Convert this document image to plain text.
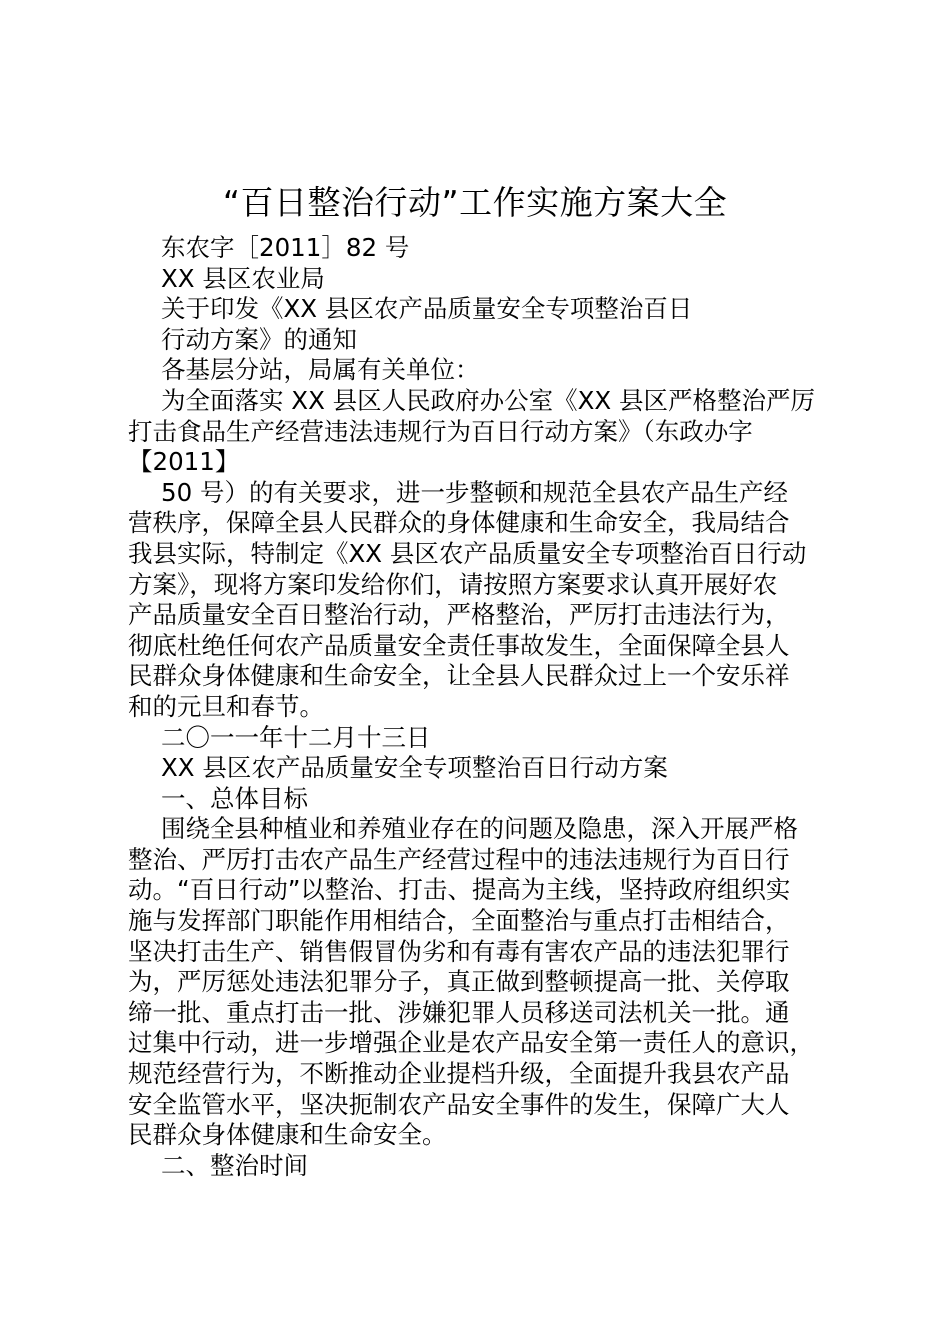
“百日整治行动”工作实施方案大全
东农字［2011］82 号
XX 县区农业局
关于印发《XX 县区农产品质量安全专项整治百日
行动方案》的通知
各基层分站，局属有关单位：
为全面落实 XX 县区人民政府办公室《XX 县区严格整治严厉
打击食品生产经营违法违规行为百日行动方案》（东政办字
【2011】
50 号）的有关要求，进一步整顿和规范全县农产品生产经
营秩序，保障全县人民群众的身体健康和生命安全，我局结合
我县实际，特制定《XX 县区农产品质量安全专项整治百日行动
方案》，现将方案印发给你们，请按照方案要求认真开展好农
产品质量安全百日整治行动，严格整治，严厉打击违法行为，
彻底杜绝任何农产品质量安全责任事故发生，全面保障全县人
民群众身体健康和生命安全，让全县人民群众过上一个安乐祥
和的元旦和春节。
二〇一一年十二月十三日
XX 县区农产品质量安全专项整治百日行动方案
一、总体目标
围绕全县种植业和养殖业存在的问题及隐患，深入开展严格
整治、严厉打击农产品生产经营过程中的违法违规行为百日行
动。“百日行动”以整治、打击、提高为主线，坚持政府组织实
施与发挥部门职能作用相结合，全面整治与重点打击相结合，
坚决打击生产、销售假冒伪劣和有毒有害农产品的违法犯罪行
为，严厉惩处违法犯罪分子，真正做到整顿提高一批、关停取
缔一批、重点打击一批、涉嫌犯罪人员移送司法机关一批。通
过集中行动，进一步增强企业是农产品安全第一责任人的意识，
规范经营行为，不断推动企业提档升级，全面提升我县农产品
安全监管水平，坚决扼制农产品安全事件的发生，保障广大人
民群众身体健康和生命安全。
二、整治时间
